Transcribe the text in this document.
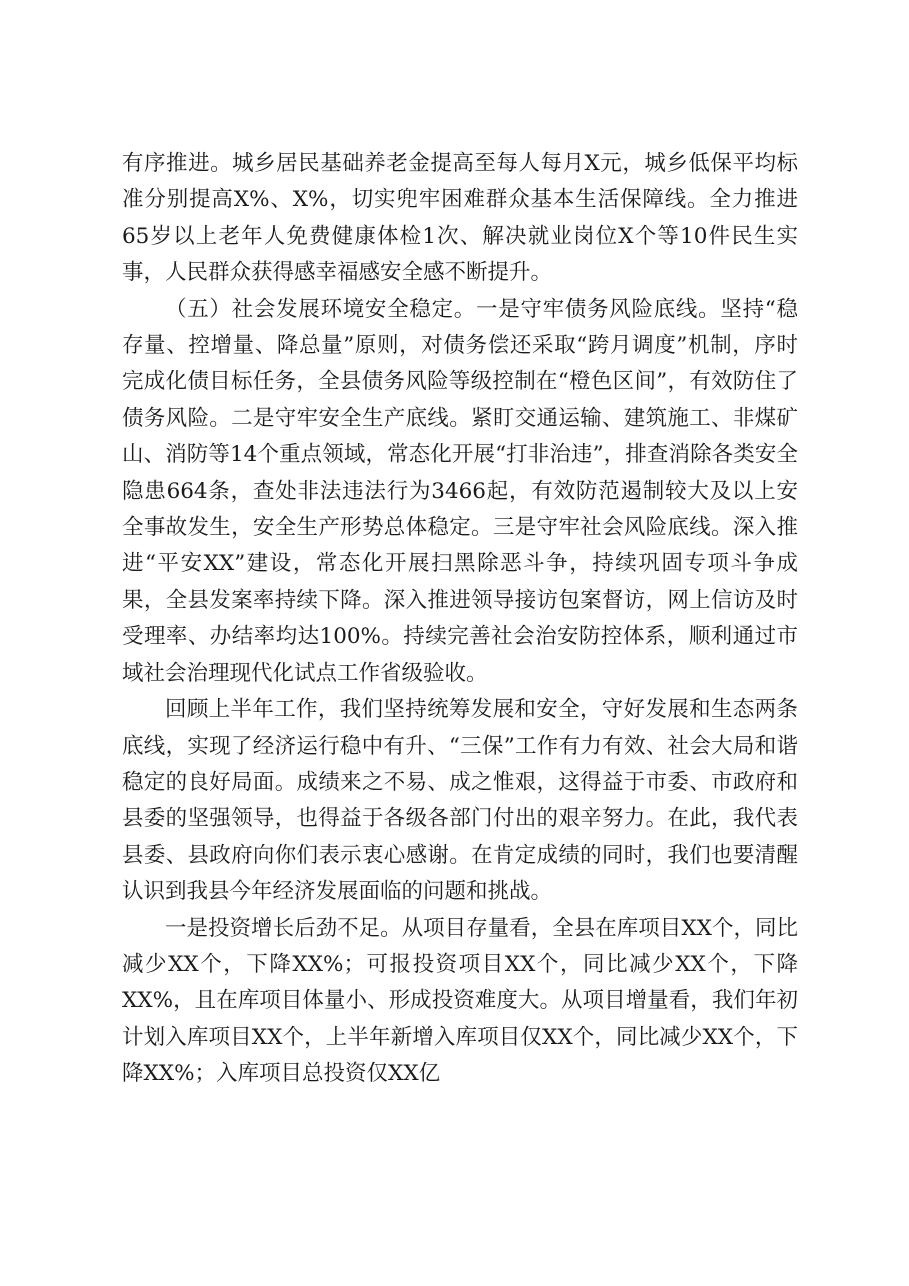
有序推进。城乡居民基础养老金提高至每人每月X元，城乡低保平均标准分别提高X%、X%，切实兜牢困难群众基本生活保障线。全力推进65岁以上老年人免费健康体检1次、解决就业岗位X个等10件民生实事，人民群众获得感幸福感安全感不断提升。

（五）社会发展环境安全稳定。一是守牢债务风险底线。坚持“稳存量、控增量、降总量”原则，对债务偿还采取“跨月调度”机制，序时完成化债目标任务，全县债务风险等级控制在“橙色区间”，有效防住了债务风险。二是守牢安全生产底线。紧盯交通运输、建筑施工、非煤矿山、消防等14个重点领域，常态化开展“打非治违”，排查消除各类安全隐患664条，查处非法违法行为3466起，有效防范遏制较大及以上安全事故发生，安全生产形势总体稳定。三是守牢社会风险底线。深入推进“平安XX”建设，常态化开展扫黑除恶斗争，持续巩固专项斗争成果，全县发案率持续下降。深入推进领导接访包案督访，网上信访及时受理率、办结率均达100%。持续完善社会治安防控体系，顺利通过市域社会治理现代化试点工作省级验收。

回顾上半年工作，我们坚持统筹发展和安全，守好发展和生态两条底线，实现了经济运行稳中有升、“三保”工作有力有效、社会大局和谐稳定的良好局面。成绩来之不易、成之惟艰，这得益于市委、市政府和县委的坚强领导，也得益于各级各部门付出的艰辛努力。在此，我代表县委、县政府向你们表示衷心感谢。在肯定成绩的同时，我们也要清醒认识到我县今年经济发展面临的问题和挑战。

一是投资增长后劲不足。从项目存量看，全县在库项目XX个，同比减少XX个，下降XX%；可报投资项目XX个，同比减少XX个，下降XX%，且在库项目体量小、形成投资难度大。从项目增量看，我们年初计划入库项目XX个，上半年新增入库项目仅XX个，同比减少XX个，下降XX%；入库项目总投资仅XX亿
